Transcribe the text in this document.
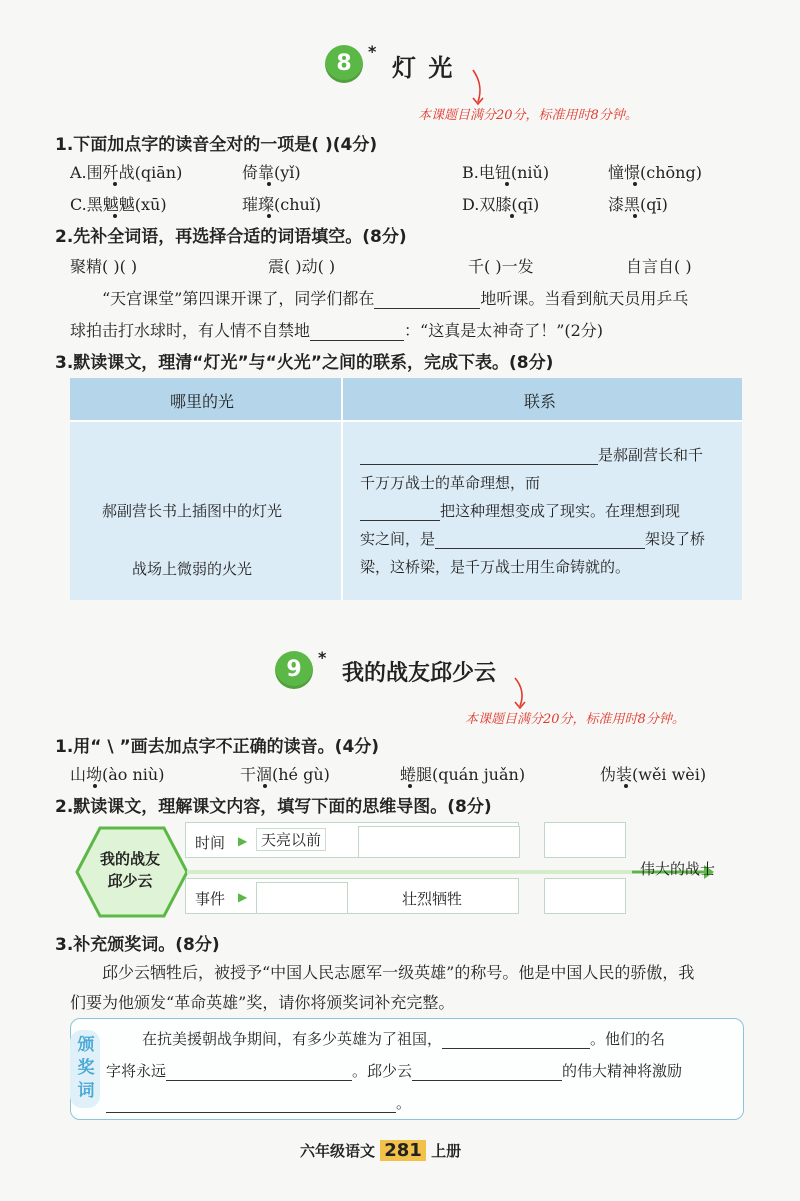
8	*
灯 光
本课题目满分20分，标准用时8分钟。
1.下面加点字的读音全对的一项是( )(4分)
A.围歼战(qiān)	倚靠(yǐ)	B.电钮(niǔ)	憧憬(chōng)
C.黑魆魆(xū)	璀璨(chuǐ)	D.双膝(qī)	漆黑(qī)
2.先补全词语，再选择合适的词语填空。(8分)
聚精( )( )	震( )动( )	千( )一发	自言自( )
“天宫课堂”第四课开课了，同学们都在	地听课。当看到航天员用乒乓
球拍击打水球时，有人情不自禁地	：“这真是太神奇了！”(2分)
3.默读课文，理清“灯光”与“火光”之间的联系，完成下表。(8分)
哪里的光	联系
郝副营长书上插图中的灯光
战场上微弱的火光
是郝副营长和千
千万万战士的革命理想，而
把这种理想变成了现实。在理想到现
实之间，是	架设了桥
梁，这桥梁，是千万战士用生命铸就的。
9	*
我的战友邱少云
本课题目满分20分，标准用时8分钟。
1.用“ \ ”画去加点字不正确的读音。(4分)
山坳(ào niù)	干涸(hé gù)	蜷腿(quán juǎn)	伪装(wěi wèi)
2.默读课文，理解课文内容，填写下面的思维导图。(8分)
我的战友
邱少云
时间 ▶ 天亮以前
事件 ▶	壮烈牺牲
伟大的战士
3.补充颁奖词。(8分)
邱少云牺牲后，被授予“中国人民志愿军一级英雄”的称号。他是中国人民的骄傲，我
们要为他颁发“革命英雄”奖，请你将颁奖词补充完整。
颁
奖
词
在抗美援朝战争期间，有多少英雄为了祖国，	。他们的名
字将永远	。邱少云	的伟大精神将激励
。
六年级语文 281 上册
